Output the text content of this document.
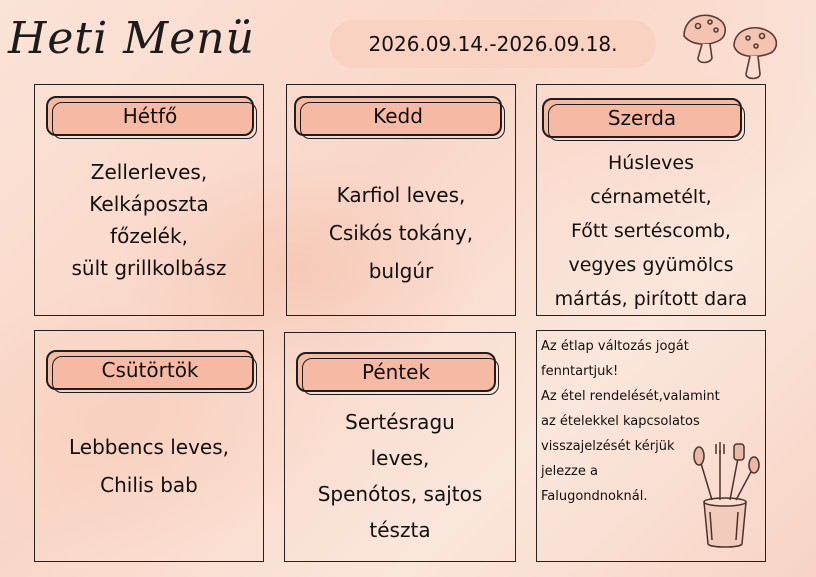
Heti Menü	2026.09.14.-2026.09.18.
Hétfő
Zellerleves,
Kelkáposzta
főzelék,
sült grillkolbász
Kedd
Karfiol leves,
Csikós tokány,
bulgúr
Szerda
Húsleves
cérnametélt,
Főtt sertéscomb,
vegyes gyümölcs
mártás, pirított dara
Csütörtök
Lebbencs leves,
Chilis bab
Péntek
Sertésragu
leves,
Spenótos, sajtos
tészta
Az étlap változás jogát
fenntartjuk!
Az étel rendelését,valamint
az ételekkel kapcsolatos
visszajelzését kérjük
jelezze a
Falugondnoknál.
